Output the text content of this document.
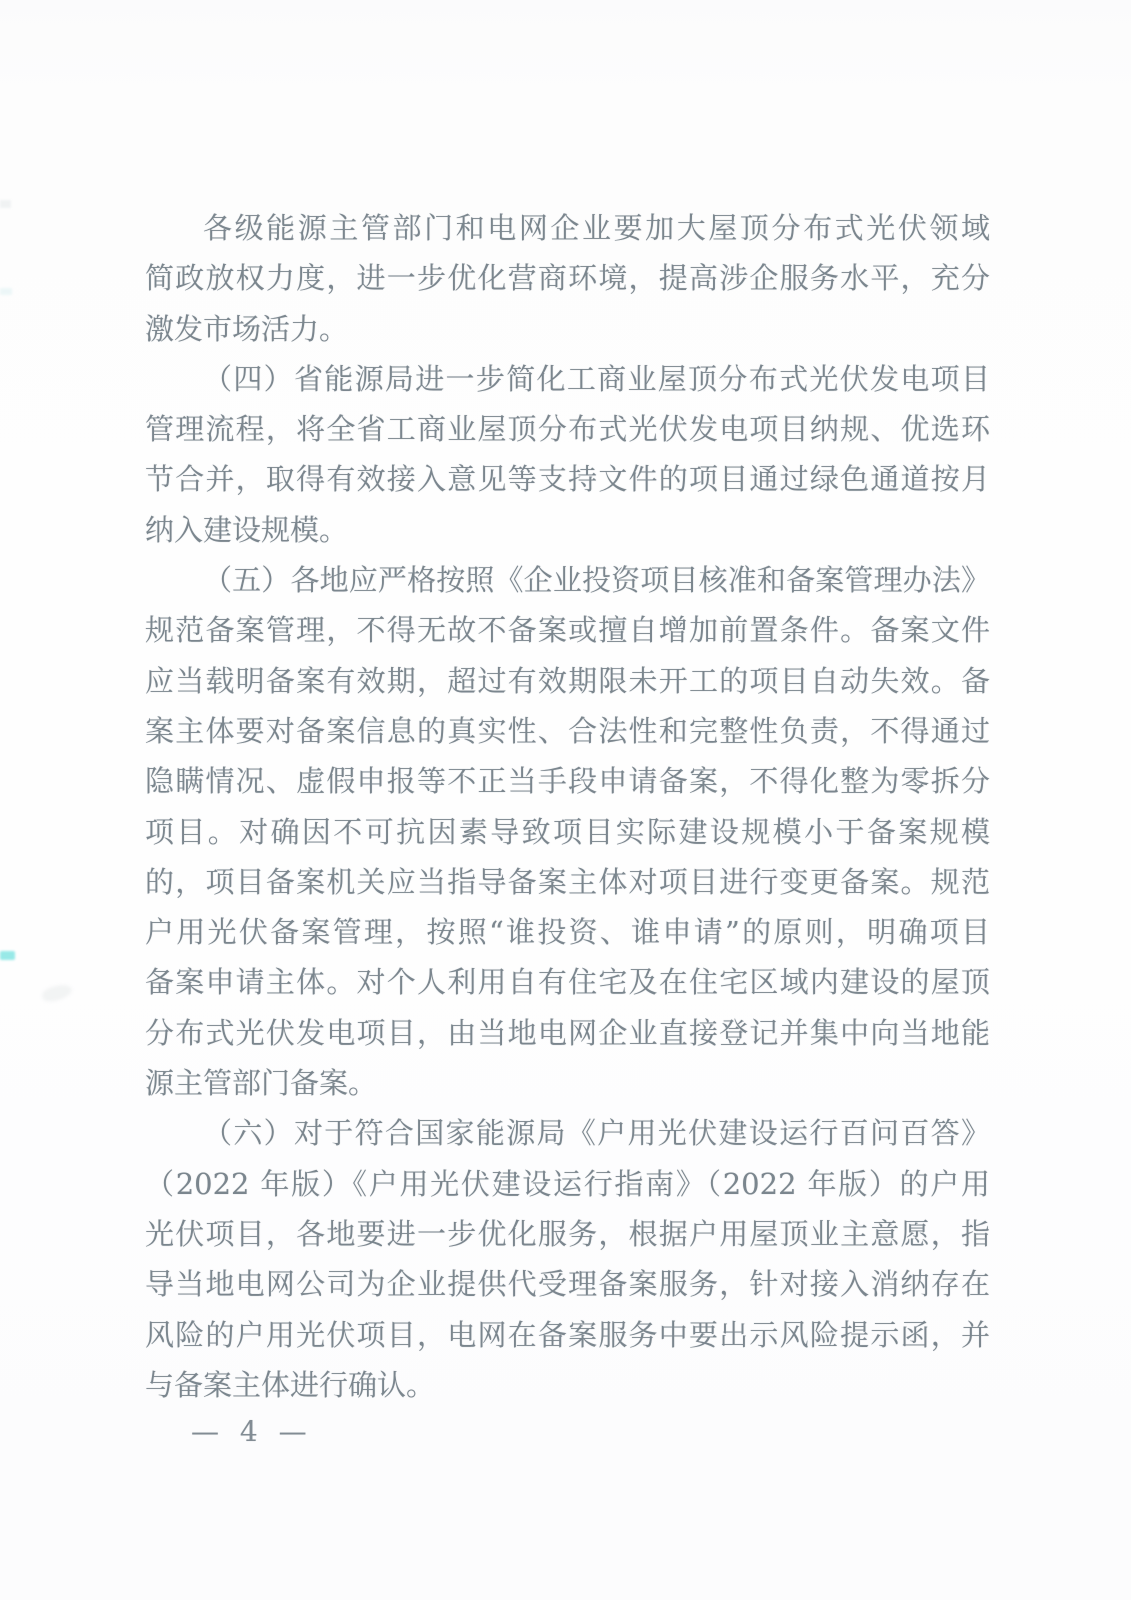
各级能源主管部门和电网企业要加大屋顶分布式光伏领域
简政放权力度，进一步优化营商环境，提高涉企服务水平，充分
激发市场活力。
（四）省能源局进一步简化工商业屋顶分布式光伏发电项目
管理流程，将全省工商业屋顶分布式光伏发电项目纳规、优选环
节合并，取得有效接入意见等支持文件的项目通过绿色通道按月
纳入建设规模。
（五）各地应严格按照《企业投资项目核准和备案管理办法》
规范备案管理，不得无故不备案或擅自增加前置条件。备案文件
应当载明备案有效期，超过有效期限未开工的项目自动失效。备
案主体要对备案信息的真实性、合法性和完整性负责，不得通过
隐瞒情况、虚假申报等不正当手段申请备案，不得化整为零拆分
项目。对确因不可抗因素导致项目实际建设规模小于备案规模
的，项目备案机关应当指导备案主体对项目进行变更备案。规范
户用光伏备案管理，按照“谁投资、谁申请”的原则，明确项目
备案申请主体。对个人利用自有住宅及在住宅区域内建设的屋顶
分布式光伏发电项目，由当地电网企业直接登记并集中向当地能
源主管部门备案。
（六）对于符合国家能源局《户用光伏建设运行百问百答》
（2022 年版）《户用光伏建设运行指南》（2022 年版）的户用
光伏项目，各地要进一步优化服务，根据户用屋顶业主意愿，指
导当地电网公司为企业提供代受理备案服务，针对接入消纳存在
风险的户用光伏项目，电网在备案服务中要出示风险提示函，并
与备案主体进行确认。
— 4 —
